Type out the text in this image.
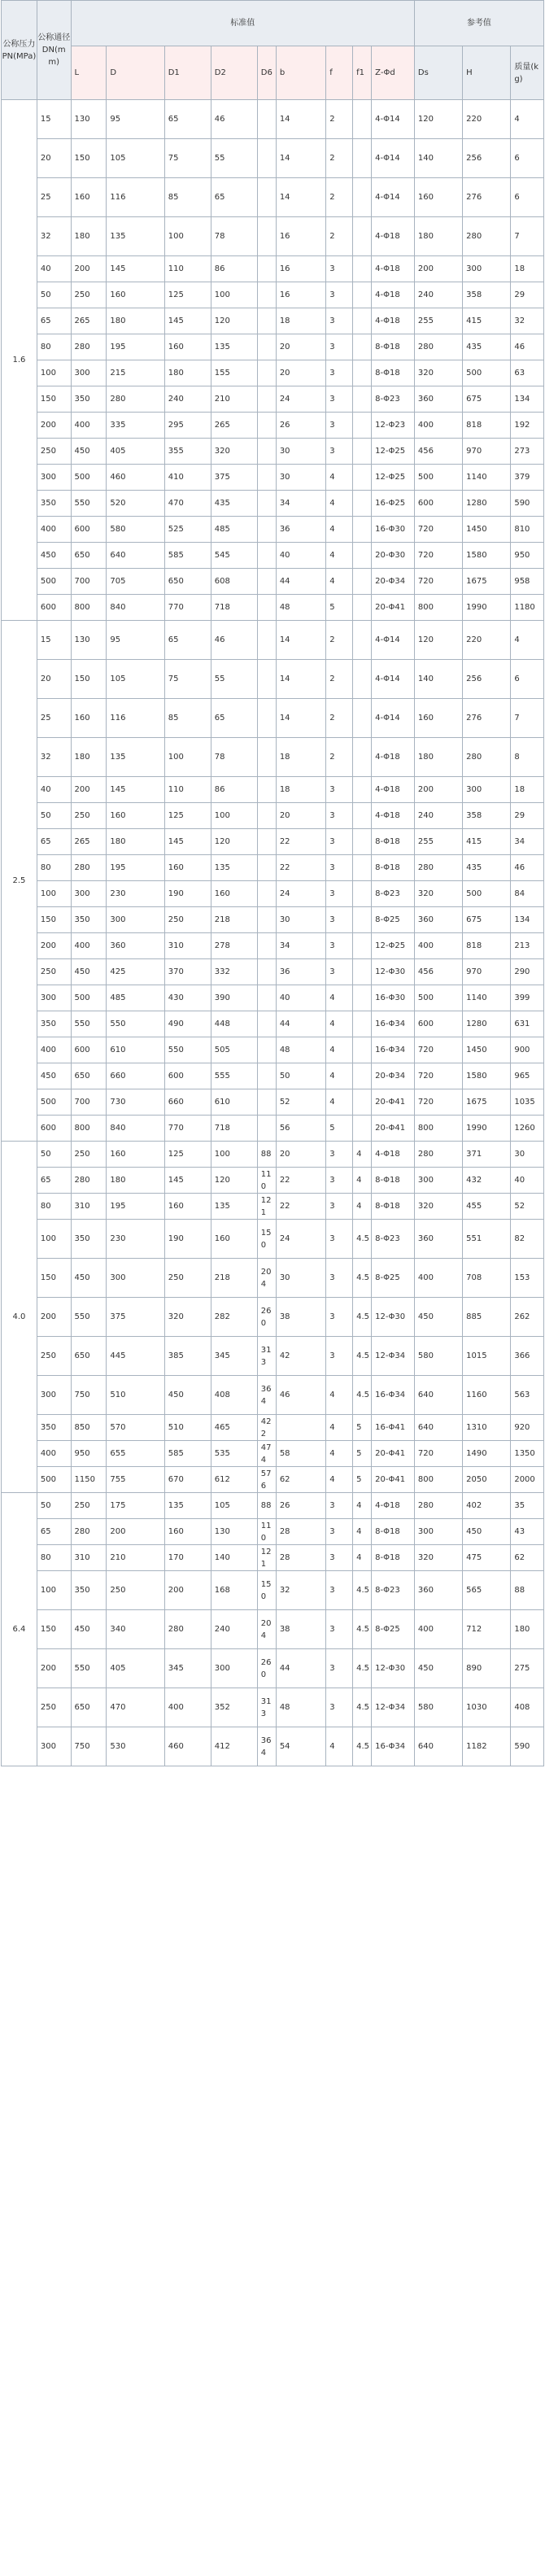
公称压力PN(MPa)	公称通径DN(mm)	标准值									参考值		
		L	D	D1	D2	D6	b	f	f1	Z-Φd	Ds	H	质量(kg)
1.6	15	130	95	65	46		14	2		4-Φ14	120	220	4
	20	150	105	75	55		14	2		4-Φ14	140	256	6
	25	160	116	85	65		14	2		4-Φ14	160	276	6
	32	180	135	100	78		16	2		4-Φ18	180	280	7
	40	200	145	110	86		16	3		4-Φ18	200	300	18
	50	250	160	125	100		16	3		4-Φ18	240	358	29
	65	265	180	145	120		18	3		4-Φ18	255	415	32
	80	280	195	160	135		20	3		8-Φ18	280	435	46
	100	300	215	180	155		20	3		8-Φ18	320	500	63
	150	350	280	240	210		24	3		8-Φ23	360	675	134
	200	400	335	295	265		26	3		12-Φ23	400	818	192
	250	450	405	355	320		30	3		12-Φ25	456	970	273
	300	500	460	410	375		30	4		12-Φ25	500	1140	379
	350	550	520	470	435		34	4		16-Φ25	600	1280	590
	400	600	580	525	485		36	4		16-Φ30	720	1450	810
	450	650	640	585	545		40	4		20-Φ30	720	1580	950
	500	700	705	650	608		44	4		20-Φ34	720	1675	958
	600	800	840	770	718		48	5		20-Φ41	800	1990	1180
2.5	15	130	95	65	46		14	2		4-Φ14	120	220	4
	20	150	105	75	55		14	2		4-Φ14	140	256	6
	25	160	116	85	65		14	2		4-Φ14	160	276	7
	32	180	135	100	78		18	2		4-Φ18	180	280	8
	40	200	145	110	86		18	3		4-Φ18	200	300	18
	50	250	160	125	100		20	3		4-Φ18	240	358	29
	65	265	180	145	120		22	3		8-Φ18	255	415	34
	80	280	195	160	135		22	3		8-Φ18	280	435	46
	100	300	230	190	160		24	3		8-Φ23	320	500	84
	150	350	300	250	218		30	3		8-Φ25	360	675	134
	200	400	360	310	278		34	3		12-Φ25	400	818	213
	250	450	425	370	332		36	3		12-Φ30	456	970	290
	300	500	485	430	390		40	4		16-Φ30	500	1140	399
	350	550	550	490	448		44	4		16-Φ34	600	1280	631
	400	600	610	550	505		48	4		16-Φ34	720	1450	900
	450	650	660	600	555		50	4		20-Φ34	720	1580	965
	500	700	730	660	610		52	4		20-Φ41	720	1675	1035
	600	800	840	770	718		56	5		20-Φ41	800	1990	1260
4.0	50	250	160	125	100	88	20	3	4	4-Φ18	280	371	30
	65	280	180	145	120	110	22	3	4	8-Φ18	300	432	40
	80	310	195	160	135	121	22	3	4	8-Φ18	320	455	52
	100	350	230	190	160	150	24	3	4.5	8-Φ23	360	551	82
	150	450	300	250	218	204	30	3	4.5	8-Φ25	400	708	153
	200	550	375	320	282	260	38	3	4.5	12-Φ30	450	885	262
	250	650	445	385	345	313	42	3	4.5	12-Φ34	580	1015	366
	300	750	510	450	408	364	46	4	4.5	16-Φ34	640	1160	563
	350	850	570	510	465	422		4	5	16-Φ41	640	1310	920
	400	950	655	585	535	474	58	4	5	20-Φ41	720	1490	1350
	500	1150	755	670	612	576	62	4	5	20-Φ41	800	2050	2000
6.4	50	250	175	135	105	88	26	3	4	4-Φ18	280	402	35
	65	280	200	160	130	110	28	3	4	8-Φ18	300	450	43
	80	310	210	170	140	121	28	3	4	8-Φ18	320	475	62
	100	350	250	200	168	150	32	3	4.5	8-Φ23	360	565	88
	150	450	340	280	240	204	38	3	4.5	8-Φ25	400	712	180
	200	550	405	345	300	260	44	3	4.5	12-Φ30	450	890	275
	250	650	470	400	352	313	48	3	4.5	12-Φ34	580	1030	408
	300	750	530	460	412	364	54	4	4.5	16-Φ34	640	1182	590
